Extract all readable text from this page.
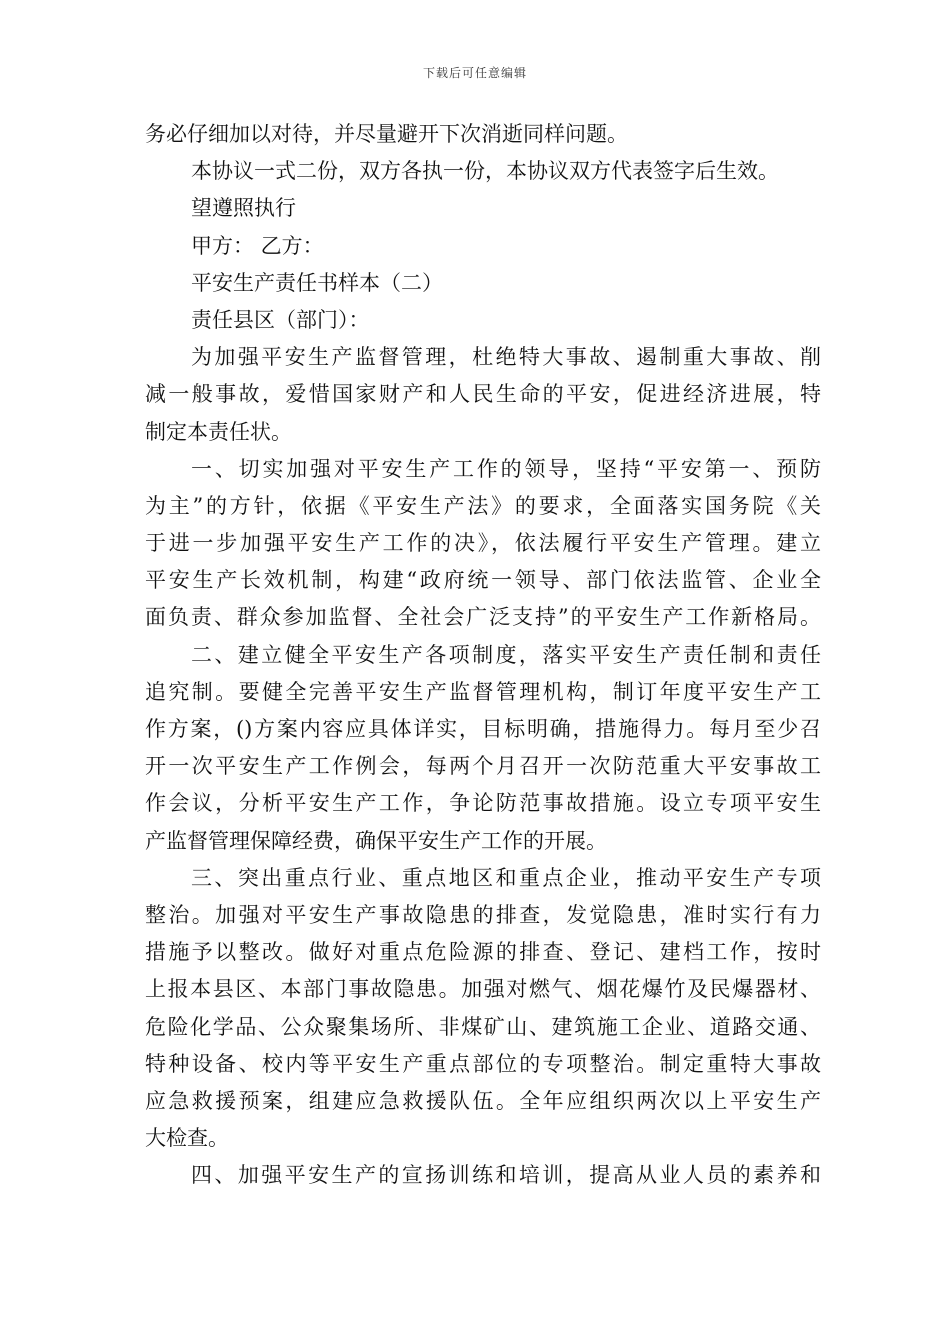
下载后可任意编辑
务必仔细加以对待，并尽量避开下次消逝同样问题。
本协议一式二份，双方各执一份，本协议双方代表签字后生效。
望遵照执行
甲方： 乙方：
平安生产责任书样本（二）
责任县区（部门）：
为加强平安生产监督管理，杜绝特大事故、遏制重大事故、削
减一般事故，爱惜国家财产和人民生命的平安，促进经济进展，特
制定本责任状。
一、切实加强对平安生产工作的领导，坚持“平安第一、预防
为主”的方针，依据《平安生产法》的要求，全面落实国务院《关
于进一步加强平安生产工作的决》，依法履行平安生产管理。建立
平安生产长效机制，构建“政府统一领导、部门依法监管、企业全
面负责、群众参加监督、全社会广泛支持”的平安生产工作新格局。
二、建立健全平安生产各项制度，落实平安生产责任制和责任
追究制。要健全完善平安生产监督管理机构，制订年度平安生产工
作方案，()方案内容应具体详实，目标明确，措施得力。每月至少召
开一次平安生产工作例会，每两个月召开一次防范重大平安事故工
作会议，分析平安生产工作，争论防范事故措施。设立专项平安生
产监督管理保障经费，确保平安生产工作的开展。
三、突出重点行业、重点地区和重点企业，推动平安生产专项
整治。加强对平安生产事故隐患的排查，发觉隐患，准时实行有力
措施予以整改。做好对重点危险源的排查、登记、建档工作，按时
上报本县区、本部门事故隐患。加强对燃气、烟花爆竹及民爆器材、
危险化学品、公众聚集场所、非煤矿山、建筑施工企业、道路交通、
特种设备、校内等平安生产重点部位的专项整治。制定重特大事故
应急救援预案，组建应急救援队伍。全年应组织两次以上平安生产
大检查。
四、加强平安生产的宣扬训练和培训，提高从业人员的素养和
